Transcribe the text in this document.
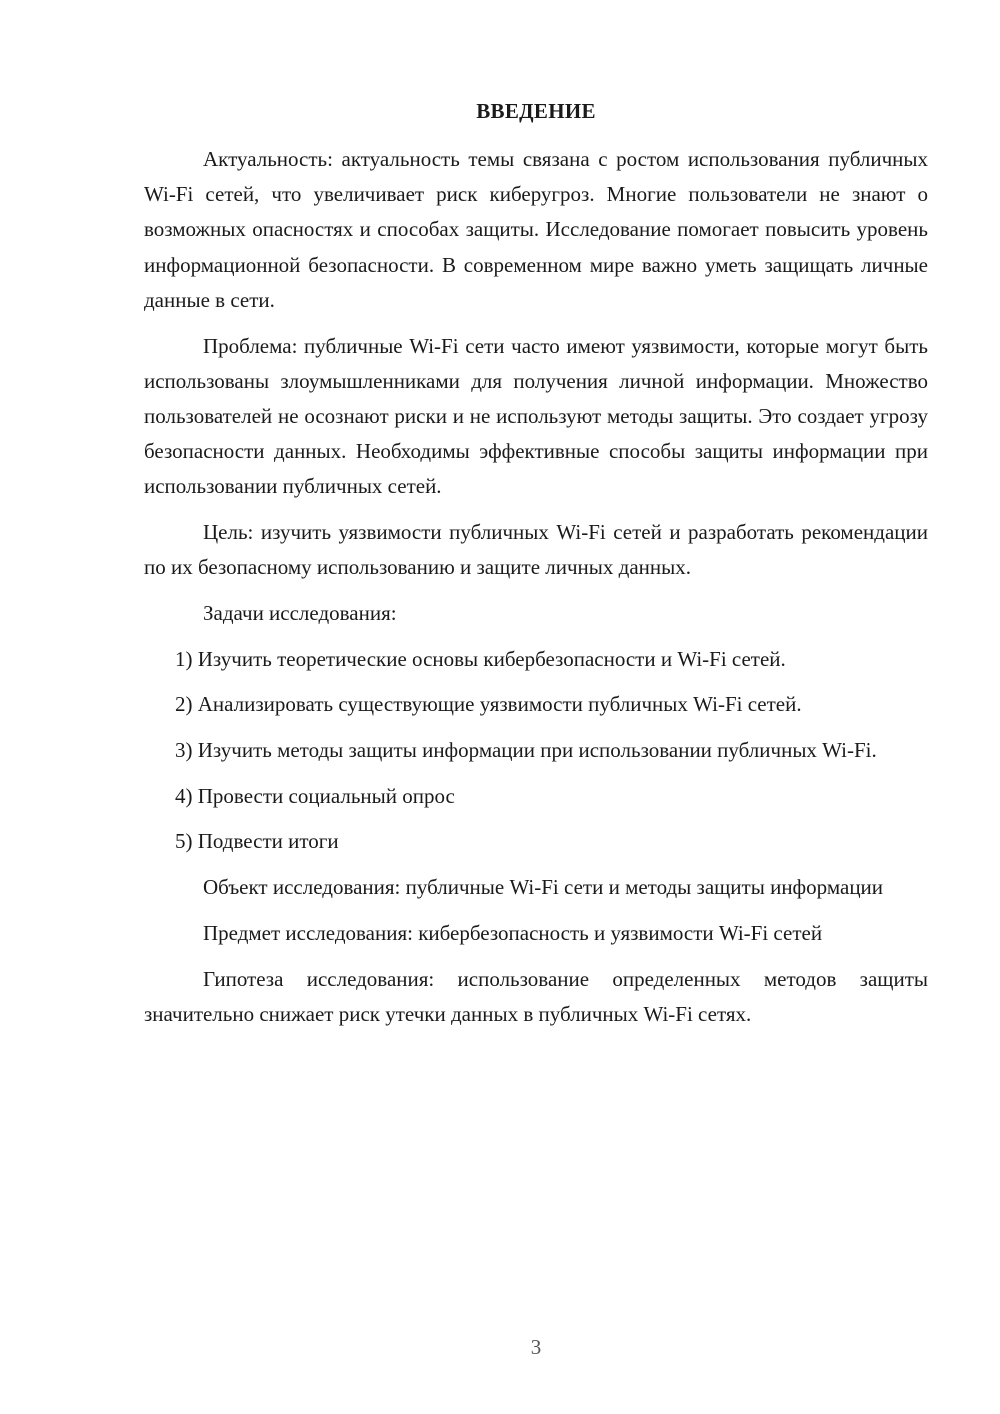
ВВЕДЕНИЕ

Актуальность: актуальность темы связана с ростом использования публичных Wi-Fi сетей, что увеличивает риск киберугроз. Многие пользователи не знают о возможных опасностях и способах защиты. Исследование помогает повысить уровень информационной безопасности. В современном мире важно уметь защищать личные данные в сети.

Проблема: публичные Wi-Fi сети часто имеют уязвимости, которые могут быть использованы злоумышленниками для получения личной информации. Множество пользователей не осознают риски и не используют методы защиты. Это создает угрозу безопасности данных. Необходимы эффективные способы защиты информации при использовании публичных сетей.

Цель: изучить уязвимости публичных Wi-Fi сетей и разработать рекомендации по их безопасному использованию и защите личных данных.

Задачи исследования:

1) Изучить теоретические основы кибербезопасности и Wi-Fi сетей.

2) Анализировать существующие уязвимости публичных Wi-Fi сетей.

3) Изучить методы защиты информации при использовании публичных Wi-Fi.

4) Провести социальный опрос

5) Подвести итоги

Объект исследования: публичные Wi-Fi сети и методы защиты информации

Предмет исследования: кибербезопасность и уязвимости Wi-Fi сетей

Гипотеза исследования: использование определенных методов защиты значительно снижает риск утечки данных в публичных Wi-Fi сетях.

3
